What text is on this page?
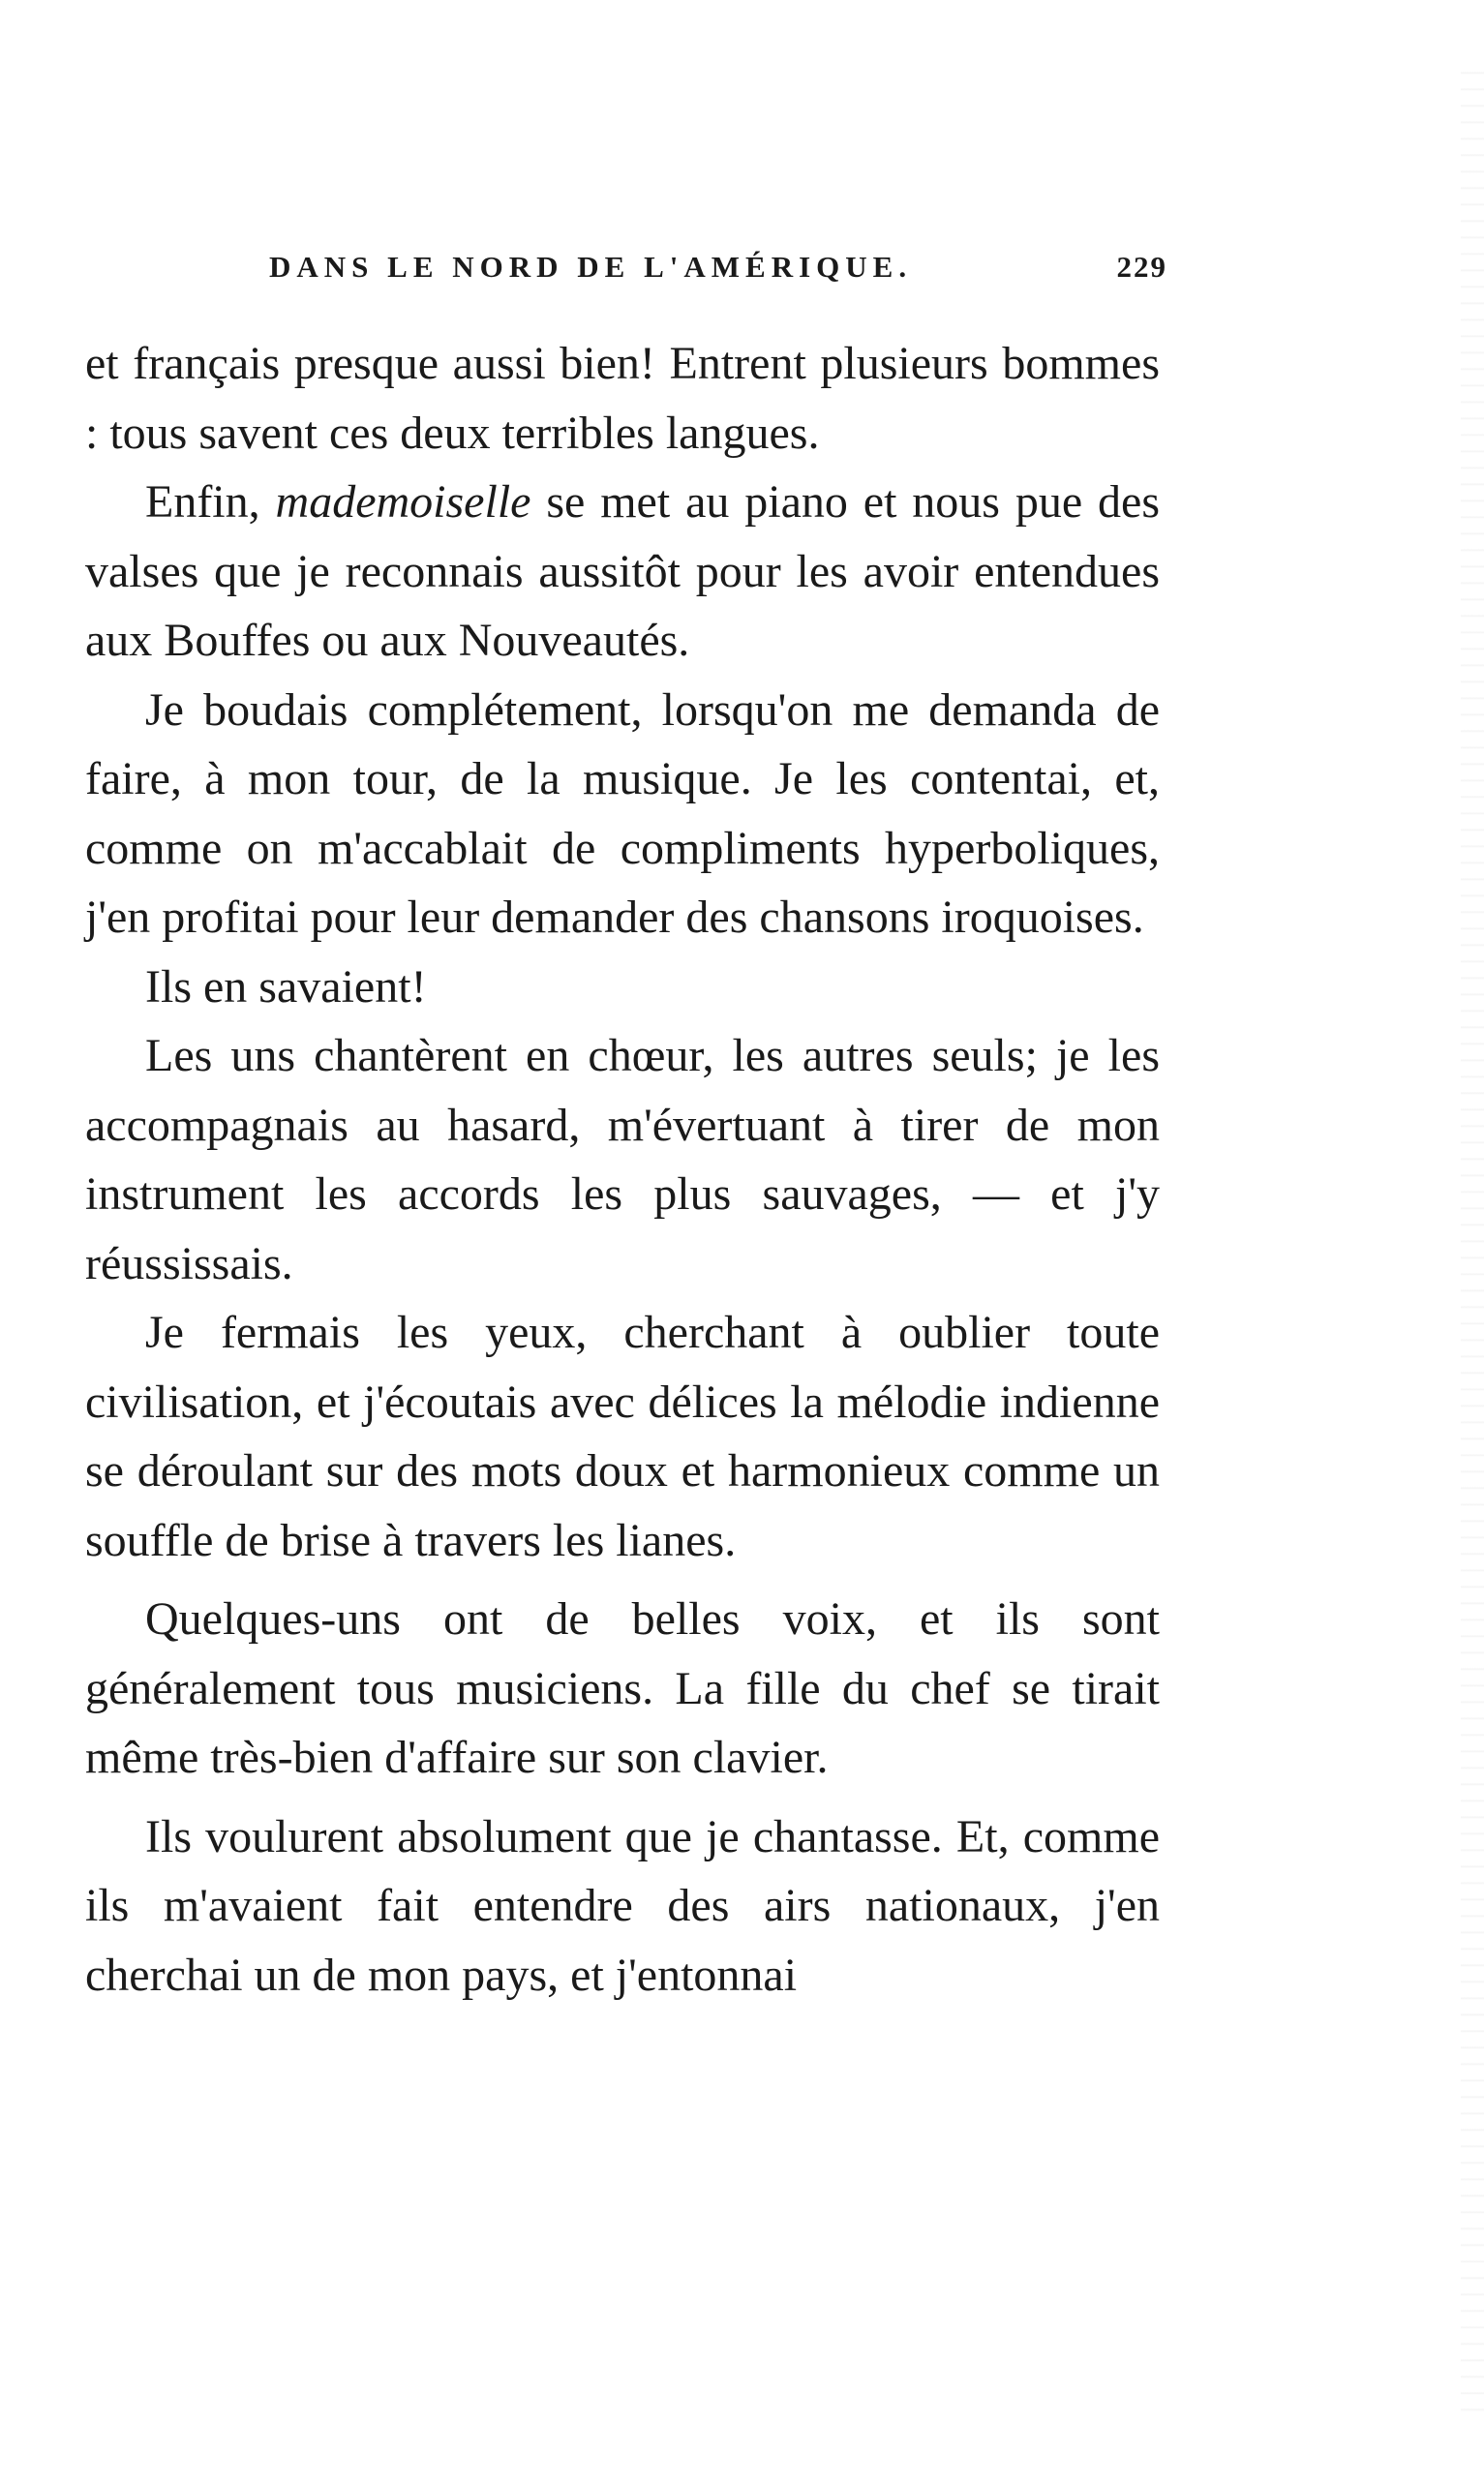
DANS LE NORD DE L'AMÉRIQUE.	229

et français presque aussi bien! Entrent plusieurs bommes : tous savent ces deux terribles langues.

Enfin, mademoiselle se met au piano et nous pue des valses que je reconnais aussitôt pour les avoir entendues aux Bouffes ou aux Nouveautés.

Je boudais complétement, lorsqu'on me demanda de faire, à mon tour, de la musique. Je les contentai, et, comme on m'accablait de compliments hyperboliques, j'en profitai pour leur demander des chansons iroquoises.

Ils en savaient!

Les uns chantèrent en chœur, les autres seuls; je les accompagnais au hasard, m'évertuant à tirer de mon instrument les accords les plus sauvages, — et j'y réussissais.

Je fermais les yeux, cherchant à oublier toute civilisation, et j'écoutais avec délices la mélodie indienne se déroulant sur des mots doux et harmonieux comme un souffle de brise à travers les lianes.

Quelques-uns ont de belles voix, et ils sont généralement tous musiciens. La fille du chef se tirait même très-bien d'affaire sur son clavier.

Ils voulurent absolument que je chantasse. Et, comme ils m'avaient fait entendre des airs nationaux, j'en cherchai un de mon pays, et j'entonnai
